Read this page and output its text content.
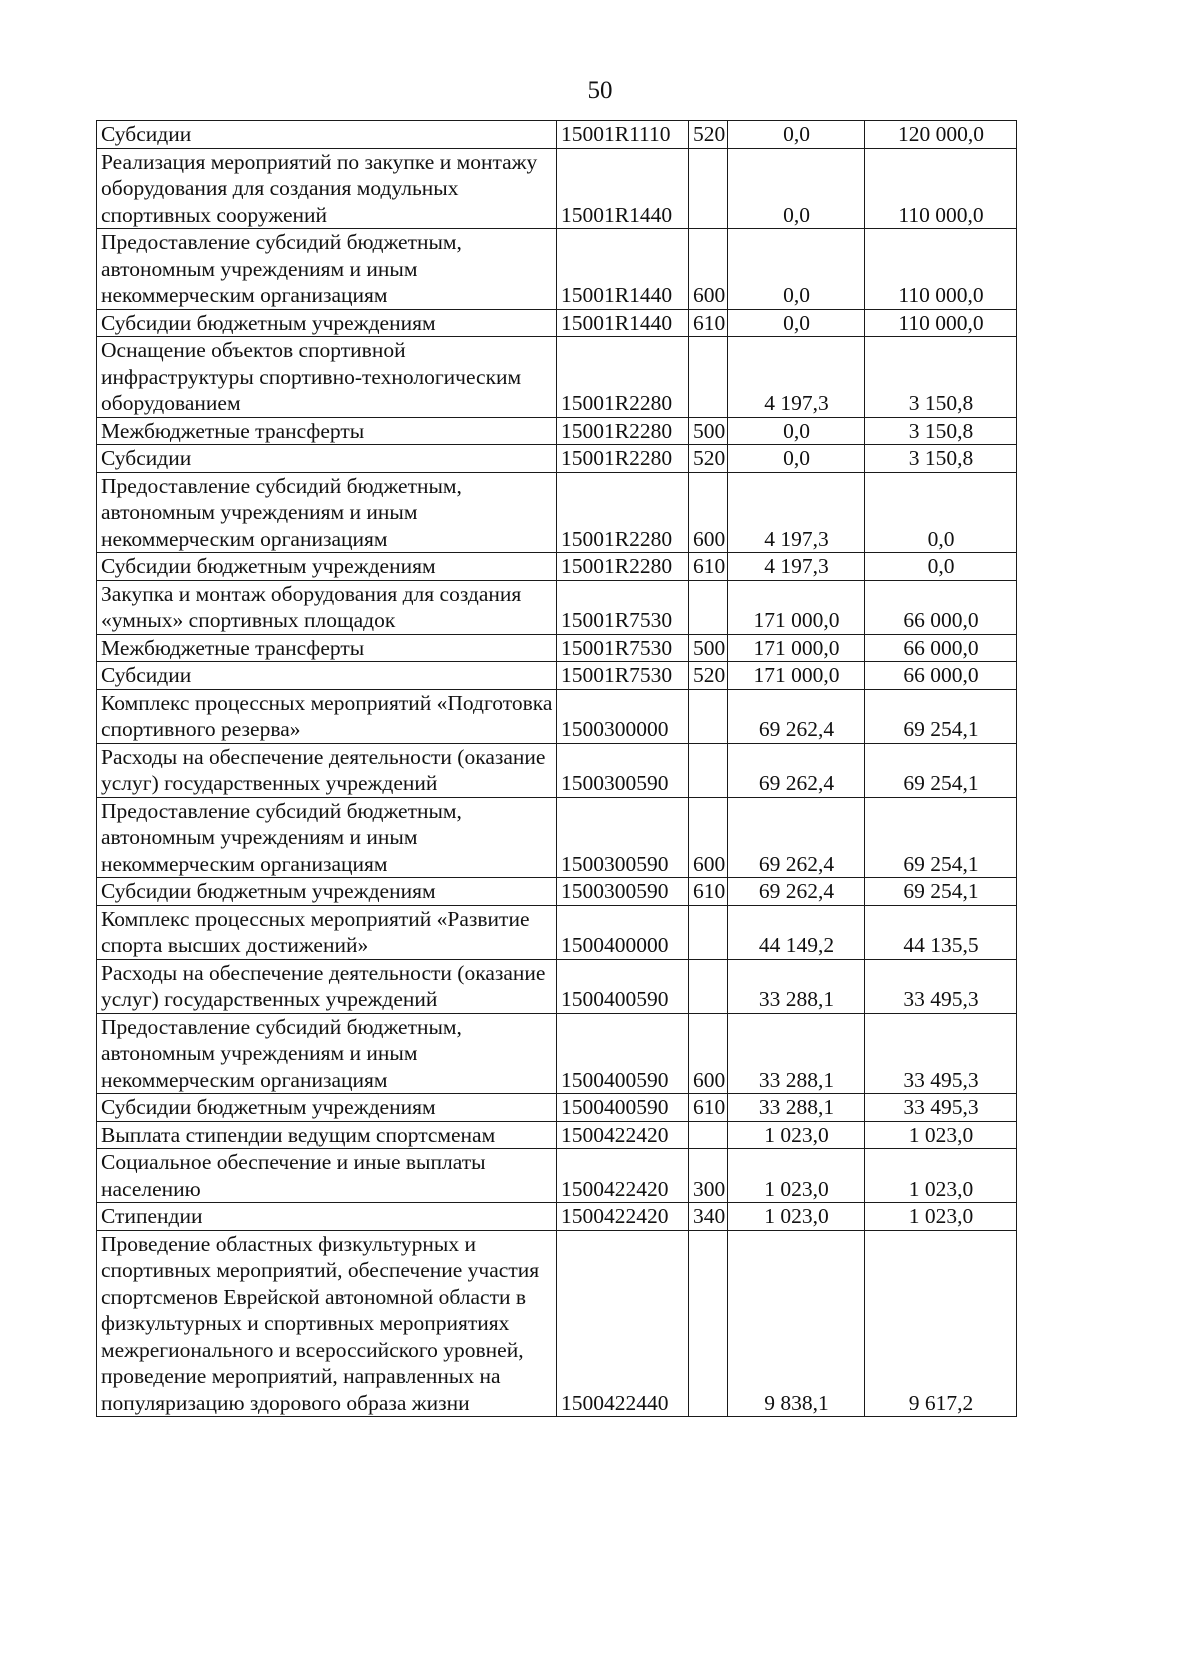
50
Субсидии	15001R1110	520	0,0	120 000,0
Реализация мероприятий по закупке и монтажу оборудования для создания модульных спортивных сооружений	15001R1440		0,0	110 000,0
Предоставление субсидий бюджетным, автономным учреждениям и иным некоммерческим организациям	15001R1440	600	0,0	110 000,0
Субсидии бюджетным учреждениям	15001R1440	610	0,0	110 000,0
Оснащение объектов спортивной инфраструктуры спортивно-технологическим оборудованием	15001R2280		4 197,3	3 150,8
Межбюджетные трансферты	15001R2280	500	0,0	3 150,8
Субсидии	15001R2280	520	0,0	3 150,8
Предоставление субсидий бюджетным, автономным учреждениям и иным некоммерческим организациям	15001R2280	600	4 197,3	0,0
Субсидии бюджетным учреждениям	15001R2280	610	4 197,3	0,0
Закупка и монтаж оборудования для создания «умных» спортивных площадок	15001R7530		171 000,0	66 000,0
Межбюджетные трансферты	15001R7530	500	171 000,0	66 000,0
Субсидии	15001R7530	520	171 000,0	66 000,0
Комплекс процессных мероприятий «Подготовка спортивного резерва»	1500300000		69 262,4	69 254,1
Расходы на обеспечение деятельности (оказание услуг) государственных учреждений	1500300590		69 262,4	69 254,1
Предоставление субсидий бюджетным, автономным учреждениям и иным некоммерческим организациям	1500300590	600	69 262,4	69 254,1
Субсидии бюджетным учреждениям	1500300590	610	69 262,4	69 254,1
Комплекс процессных мероприятий «Развитие спорта высших достижений»	1500400000		44 149,2	44 135,5
Расходы на обеспечение деятельности (оказание услуг) государственных учреждений	1500400590		33 288,1	33 495,3
Предоставление субсидий бюджетным, автономным учреждениям и иным некоммерческим организациям	1500400590	600	33 288,1	33 495,3
Субсидии бюджетным учреждениям	1500400590	610	33 288,1	33 495,3
Выплата стипендии ведущим спортсменам	1500422420		1 023,0	1 023,0
Социальное обеспечение и иные выплаты населению	1500422420	300	1 023,0	1 023,0
Стипендии	1500422420	340	1 023,0	1 023,0
Проведение областных физкультурных и спортивных мероприятий, обеспечение участия спортсменов Еврейской автономной области в физкультурных и спортивных мероприятиях межрегионального и всероссийского уровней, проведение мероприятий, направленных на популяризацию здорового образа жизни	1500422440		9 838,1	9 617,2
